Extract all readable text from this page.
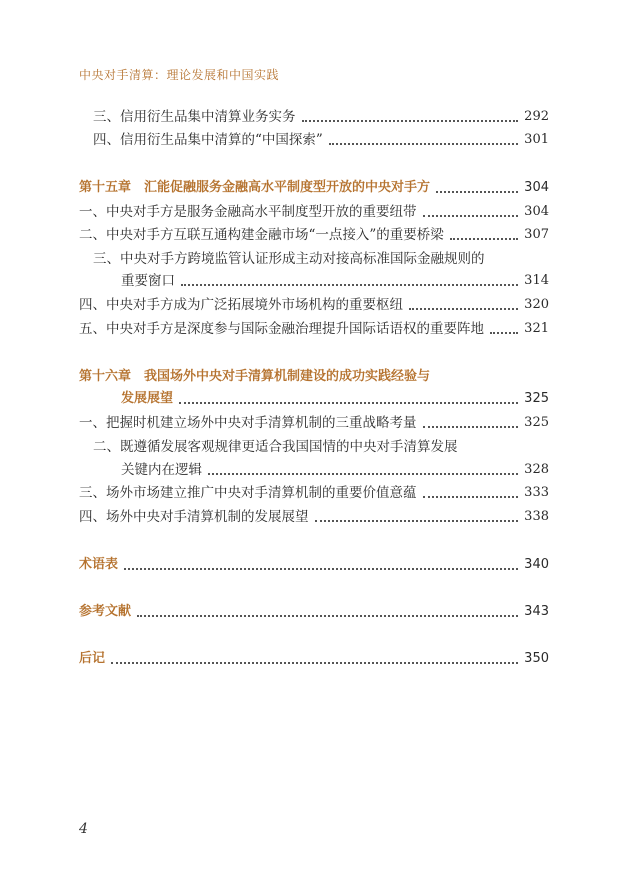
中央对手清算：理论发展和中国实践
三、信用衍生品集中清算业务实务	292
四、信用衍生品集中清算的“中国探索”	301
第十五章　汇能促融服务金融高水平制度型开放的中央对手方	304
一、中央对手方是服务金融高水平制度型开放的重要纽带	304
二、中央对手方互联互通构建金融市场“一点接入”的重要桥梁	307
三、中央对手方跨境监管认证形成主动对接高标准国际金融规则的
重要窗口	314
四、中央对手方成为广泛拓展境外市场机构的重要枢纽	320
五、中央对手方是深度参与国际金融治理提升国际话语权的重要阵地	321
第十六章　我国场外中央对手清算机制建设的成功实践经验与
发展展望	325
一、把握时机建立场外中央对手清算机制的三重战略考量	325
二、既遵循发展客观规律更适合我国国情的中央对手清算发展
关键内在逻辑	328
三、场外市场建立推广中央对手清算机制的重要价值意蕴	333
四、场外中央对手清算机制的发展展望	338
术语表	340
参考文献	343
后记	350
4
